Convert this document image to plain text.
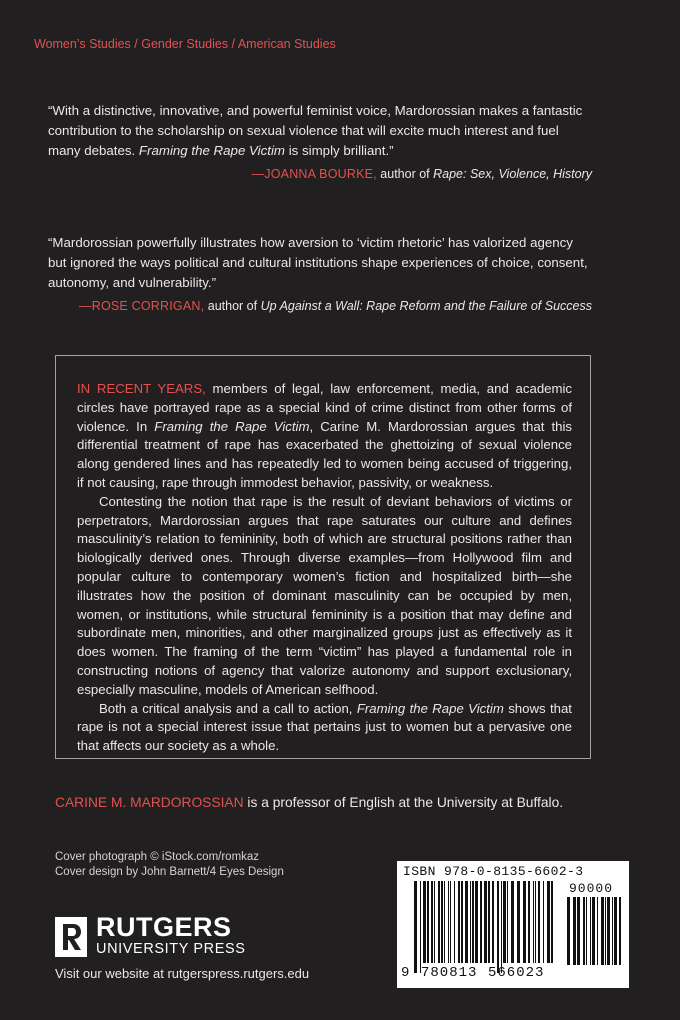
Women’s Studies / Gender Studies / American Studies
“With a distinctive, innovative, and powerful feminist voice, Mardorossian makes a fantastic contribution to the scholarship on sexual violence that will excite much interest and fuel many debates. Framing the Rape Victim is simply brilliant.”
—JOANNA BOURKE, author of Rape: Sex, Violence, History
“Mardorossian powerfully illustrates how aversion to ‘victim rhetoric’ has valorized agency but ignored the ways political and cultural institutions shape experiences of choice, consent, autonomy, and vulnerability.”
—ROSE CORRIGAN, author of Up Against a Wall: Rape Reform and the Failure of Success

IN RECENT YEARS, members of legal, law enforcement, media, and academic circles have portrayed rape as a special kind of crime distinct from other forms of violence. In Framing the Rape Victim, Carine M. Mardorossian argues that this differential treatment of rape has exacerbated the ghettoizing of sexual violence along gendered lines and has repeatedly led to women being accused of triggering, if not causing, rape through immodest behavior, passivity, or weakness.

Contesting the notion that rape is the result of deviant behaviors of victims or perpetrators, Mardorossian argues that rape saturates our culture and defines masculinity’s relation to femininity, both of which are structural positions rather than biologically derived ones. Through diverse examples—from Hollywood film and popular culture to contemporary women’s fiction and hospitalized birth—she illustrates how the position of dominant masculinity can be occupied by men, women, or institutions, while structural femininity is a position that may define and subordinate men, minorities, and other marginalized groups just as effectively as it does women. The framing of the term “victim” has played a fundamental role in constructing notions of agency that valorize autonomy and support exclusionary, especially masculine, models of American selfhood.

Both a critical analysis and a call to action, Framing the Rape Victim shows that rape is not a special interest issue that pertains just to women but a pervasive one that affects our society as a whole.

CARINE M. MARDOROSSIAN is a professor of English at the University at Buffalo.
Cover photograph © iStock.com/romkaz
Cover design by John Barnett/4 Eyes Design
RUTGERS
UNIVERSITY PRESS
Visit our website at rutgerspress.rutgers.edu
ISBN 978-0-8135-6602-3
90000
9 780813 566023
